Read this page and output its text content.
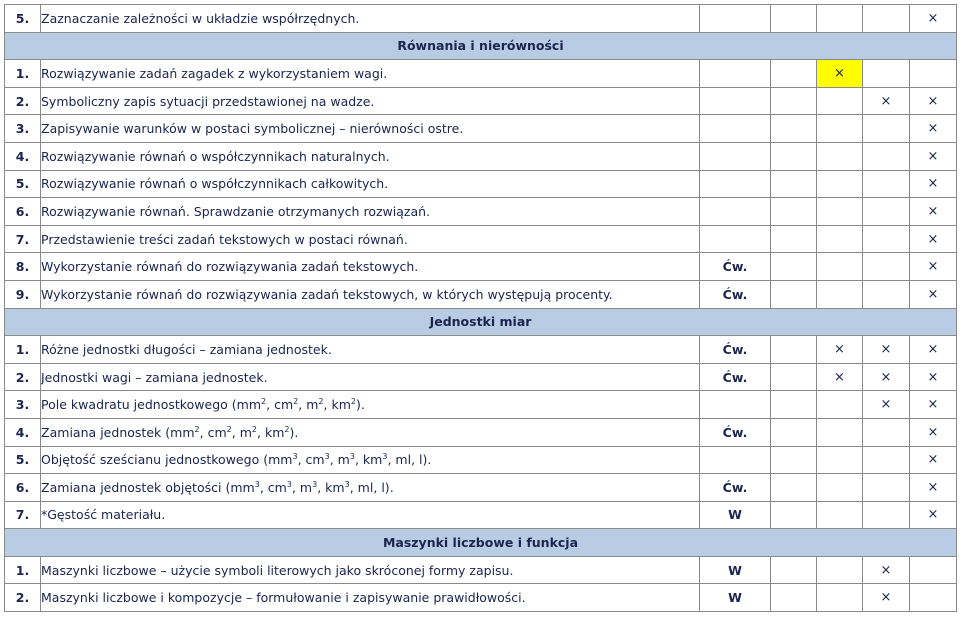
5.	Zaznaczanie zależności w układzie współrzędnych.					×
Równania i nierówności						
1.	Rozwiązywanie zadań zagadek z wykorzystaniem wagi.			×		
2.	Symboliczny zapis sytuacji przedstawionej na wadze.				×	×
3.	Zapisywanie warunków w postaci symbolicznej – nierówności ostre.					×
4.	Rozwiązywanie równań o współczynnikach naturalnych.					×
5.	Rozwiązywanie równań o współczynnikach całkowitych.					×
6.	Rozwiązywanie równań. Sprawdzanie otrzymanych rozwiązań.					×
7.	Przedstawienie treści zadań tekstowych w postaci równań.					×
8.	Wykorzystanie równań do rozwiązywania zadań tekstowych.	Ćw.				×
9.	Wykorzystanie równań do rozwiązywania zadań tekstowych, w których występują procenty.	Ćw.				×
Jednostki miar						
1.	Różne jednostki długości – zamiana jednostek.	Ćw.		×	×	×
2.	Jednostki wagi – zamiana jednostek.	Ćw.		×	×	×
3.	Pole kwadratu jednostkowego ($mm^2$, $cm^2$, $m^2$, $km^2$).				×	×
4.	Zamiana jednostek ($mm^2$, $cm^2$, $m^2$, $km^2$).	Ćw.				×
5.	Objętość sześcianu jednostkowego ($mm^3$, $cm^3$, $m^3$, $km^3$, ml, l).					×
6.	Zamiana jednostek objętości ($mm^3$, $cm^3$, $m^3$, $km^3$, ml, l).	Ćw.				×
7.	*Gęstość materiału.	W				×
Maszynki liczbowe i funkcja						
1.	Maszynki liczbowe – użycie symboli literowych jako skróconej formy zapisu.	W			×	
2.	Maszynki liczbowe i kompozycje – formułowanie i zapisywanie prawidłowości.	W			×	
